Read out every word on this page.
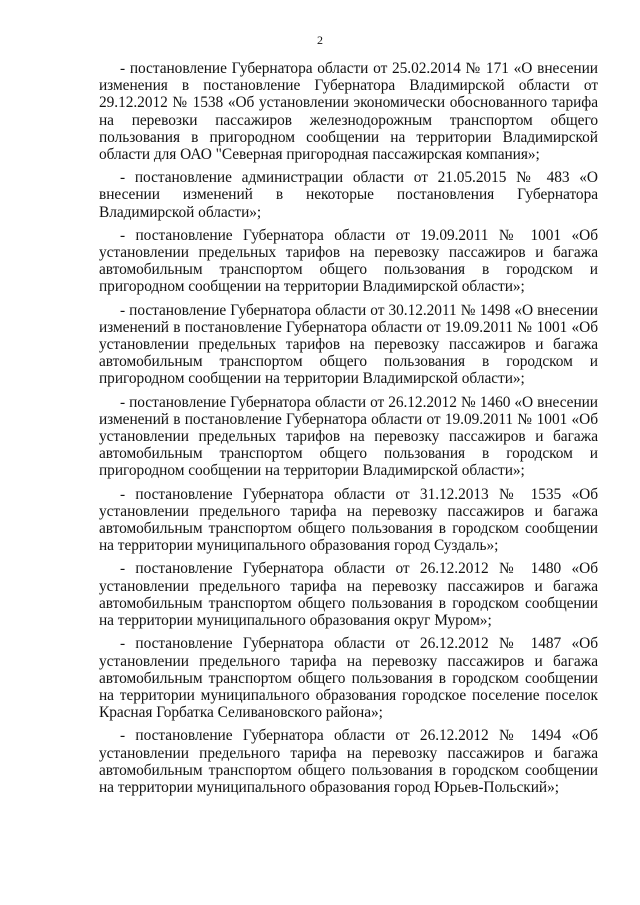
2

- постановление Губернатора области от 25.02.2014 № 171 «О внесении изменения в постановление Губернатора Владимирской области от 29.12.2012 № 1538 «Об установлении экономически обоснованного тарифа на перевозки пассажиров железнодорожным транспортом общего пользования в пригородном сообщении на территории Владимирской области для ОАО "Северная пригородная пассажирская компания»;

- постановление администрации области от 21.05.2015 № 483 «О внесении изменений в некоторые постановления Губернатора Владимирской области»;

- постановление Губернатора области от 19.09.2011 № 1001 «Об установлении предельных тарифов на перевозку пассажиров и багажа автомобильным транспортом общего пользования в городском и пригородном сообщении на территории Владимирской области»;

- постановление Губернатора области от 30.12.2011 № 1498 «О внесении изменений в постановление Губернатора области от 19.09.2011 № 1001 «Об установлении предельных тарифов на перевозку пассажиров и багажа автомобильным транспортом общего пользования в городском и пригородном сообщении на территории Владимирской области»;

- постановление Губернатора области от 26.12.2012 № 1460 «О внесении изменений в постановление Губернатора области от 19.09.2011 № 1001 «Об установлении предельных тарифов на перевозку пассажиров и багажа автомобильным транспортом общего пользования в городском и пригородном сообщении на территории Владимирской области»;

- постановление Губернатора области от 31.12.2013 № 1535 «Об установлении предельного тарифа на перевозку пассажиров и багажа автомобильным транспортом общего пользования в городском сообщении на территории муниципального образования город Суздаль»;

- постановление Губернатора области от 26.12.2012 № 1480 «Об установлении предельного тарифа на перевозку пассажиров и багажа автомобильным транспортом общего пользования в городском сообщении на территории муниципального образования округ Муром»;

- постановление Губернатора области от 26.12.2012 № 1487 «Об установлении предельного тарифа на перевозку пассажиров и багажа автомобильным транспортом общего пользования в городском сообщении на территории муниципального образования городское поселение поселок Красная Горбатка Селивановского района»;

- постановление Губернатора области от 26.12.2012 № 1494 «Об установлении предельного тарифа на перевозку пассажиров и багажа автомобильным транспортом общего пользования в городском сообщении на территории муниципального образования город Юрьев-Польский»;
